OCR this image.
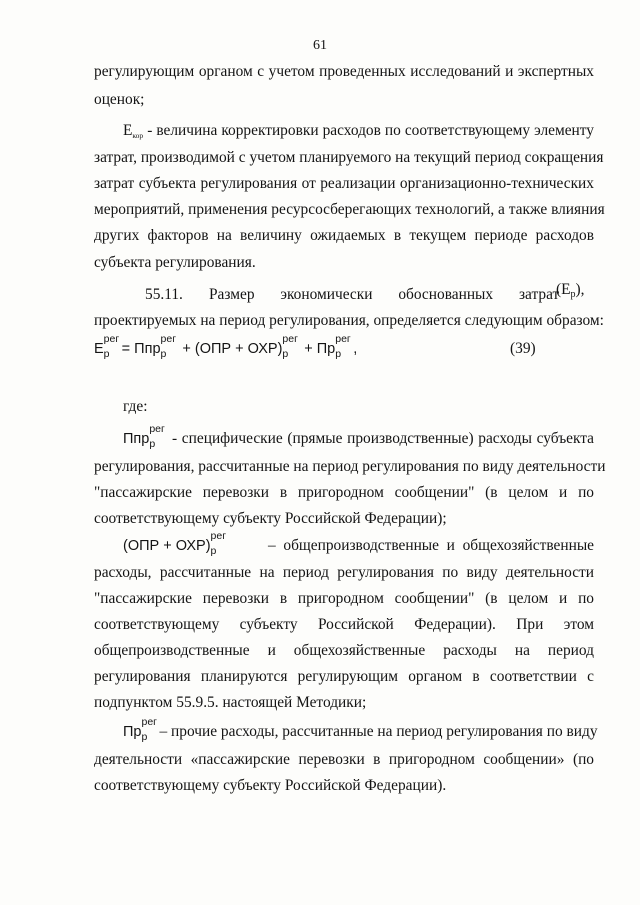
61
регулирующим органом с учетом проведенных исследований и экспертных
оценок;
Eкор - величина корректировки расходов по соответствующему элементу
затрат, производимой с учетом планируемого на текущий период сокращения
затрат субъекта регулирования от реализации организационно-технических
мероприятий, применения ресурсосберегающих технологий, а также влияния
других факторов на величину ожидаемых в текущем периоде расходов
субъекта регулирования.
55.11. Размер экономически обоснованных затрат
$(E_р)$,
проектируемых на период регулирования, определяется следующим образом:
E
рег
р = Ппр
рег
р + (ОПР + ОХР)
рег
р + Пр
рег
р ,	(39)
где:
Ппр
рег
р - специфические (прямые производственные) расходы субъекта
регулирования, рассчитанные на период регулирования по виду деятельности
"пассажирские перевозки в пригородном сообщении" (в целом и по
соответствующему субъекту Российской Федерации);
(ОПР + ОХР)
рег
р	– общепроизводственные и общехозяйственные
расходы, рассчитанные на период регулирования по виду деятельности
"пассажирские перевозки в пригородном сообщении" (в целом и по
соответствующему субъекту Российской Федерации). При этом
общепроизводственные и общехозяйственные расходы на период
регулирования планируются регулирующим органом в соответствии с
подпунктом 55.9.5. настоящей Методики;
Пр
рег
р – прочие расходы, рассчитанные на период регулирования по виду
деятельности «пассажирские перевозки в пригородном сообщении» (по
соответствующему субъекту Российской Федерации).
